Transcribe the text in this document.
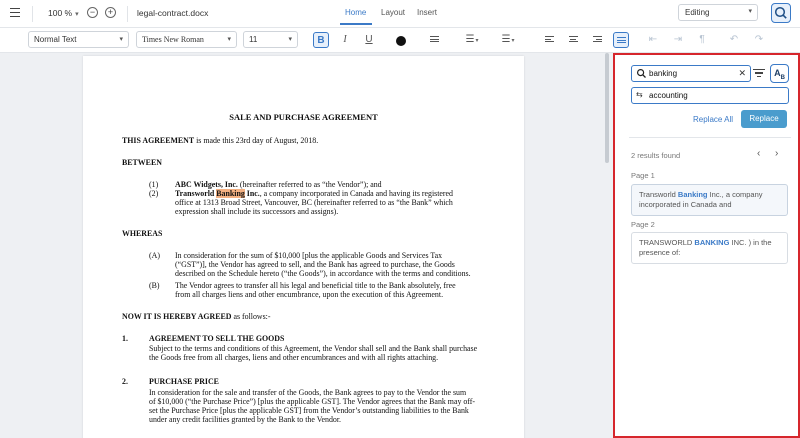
100 % ▾	−	+	legal-contract.docx	Home Layout Insert	Editing	▾
Normal Text	▾	Times New Roman	▾	11	▾	B	I	U	☰▾	☰▾	⇤	⇥	¶	↶	↷
SALE AND PURCHASE AGREEMENT
THIS AGREEMENT is made this 23rd day of August, 2018.
BETWEEN
(1) ABC Widgets, Inc. (hereinafter referred to as “the Vendor”); and
(2) Transworld Banking Inc., a company incorporated in Canada and having its registered
office at 1313 Broad Street, Vancouver, BC (hereinafter referred to as “the Bank” which
expression shall include its successors and assigns).
WHEREAS
(A) In consideration for the sum of $10,000 [plus the applicable Goods and Services Tax
(“GST”)], the Vendor has agreed to sell, and the Bank has agreed to purchase, the Goods
described on the Schedule hereto (“the Goods”), in accordance with the terms and conditions.
(B) The Vendor agrees to transfer all his legal and beneficial title to the Bank absolutely, free
from all charges liens and other encumbrance, upon the execution of this Agreement.
NOW IT IS HEREBY AGREED as follows:-
1.	AGREEMENT TO SELL THE GOODS
Subject to the terms and conditions of this Agreement, the Vendor shall sell and the Bank shall purchase
the Goods free from all charges, liens and other encumbrances and with all rights attaching.
2.	PURCHASE PRICE
In consideration for the sale and transfer of the Goods, the Bank agrees to pay to the Vendor the sum
of $10,000 (“the Purchase Price”) [plus the applicable GST]. The Vendor agrees that the Bank may off-
set the Purchase Price [plus the applicable GST] from the Vendor’s outstanding liabilities to the Bank
under any credit facilities granted by the Bank to the Vendor.
banking	✕	$A_B$
⇆ accounting
Replace All	Replace
2 results found	‹ ›
Page 1
Transworld Banking Inc., a company incorporated in Canada and
Page 2
TRANSWORLD BANKING INC. ) in the presence of:
